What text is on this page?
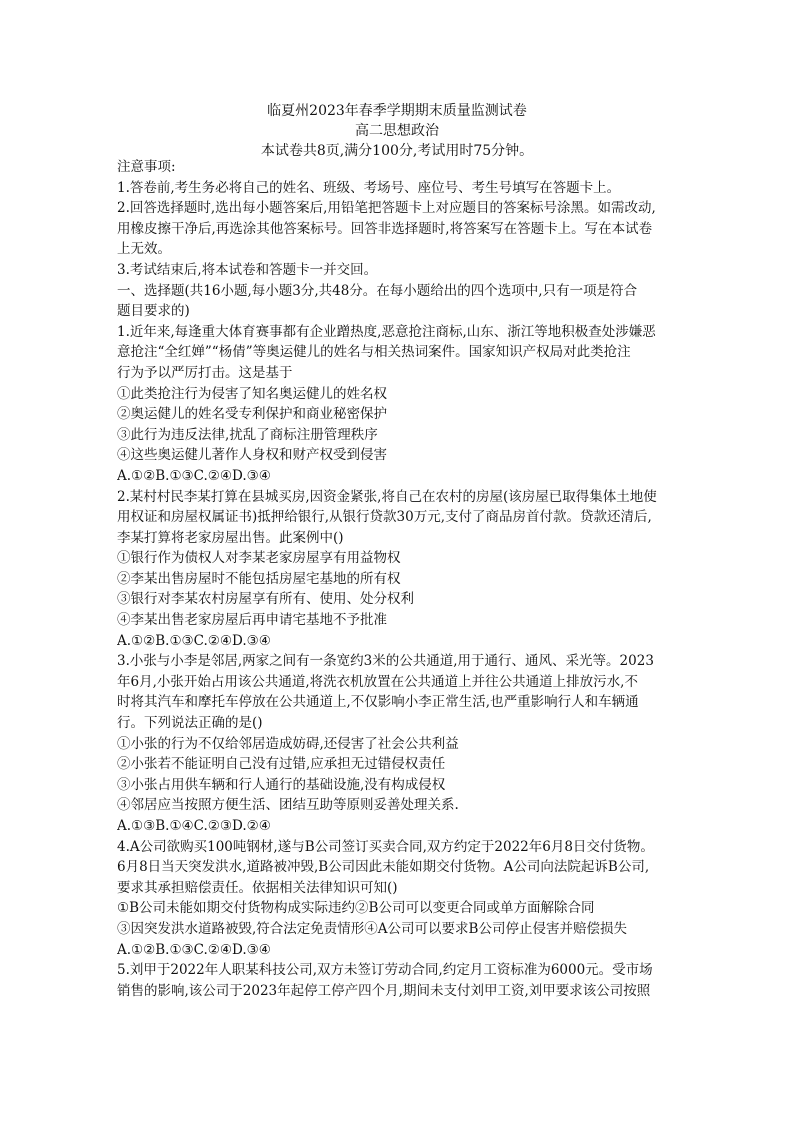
临夏州2023年春季学期期末质量监测试卷
高二思想政治
本试卷共8页,满分100分,考试用时75分钟。

注意事项:

1.答卷前,考生务必将自己的姓名、班级、考场号、座位号、考生号填写在答题卡上。

2.回答选择题时,选出每小题答案后,用铅笔把答题卡上对应题目的答案标号涂黑。如需改动,

用橡皮擦干净后,再选涂其他答案标号。回答非选择题时,将答案写在答题卡上。写在本试卷

上无效。

3.考试结束后,将本试卷和答题卡一并交回。

一、选择题(共16小题,每小题3分,共48分。在每小题给出的四个选项中,只有一项是符合

题目要求的)

1.近年来,每逢重大体育赛事都有企业蹭热度,恶意抢注商标,山东、浙江等地积极查处涉嫌恶

意抢注“全红婵”“杨倩”等奥运健儿的姓名与相关热词案件。国家知识产权局对此类抢注

行为予以严厉打击。这是基于

①此类抢注行为侵害了知名奥运健儿的姓名权

②奥运健儿的姓名受专利保护和商业秘密保护

③此行为违反法律,扰乱了商标注册管理秩序

④这些奥运健儿著作人身权和财产权受到侵害

A.①②B.①③C.②④D.③④

2.某村村民李某打算在县城买房,因资金紧张,将自己在农村的房屋(该房屋已取得集体土地使

用权证和房屋权属证书)抵押给银行,从银行贷款30万元,支付了商品房首付款。贷款还清后,

李某打算将老家房屋出售。此案例中()

①银行作为债权人对李某老家房屋享有用益物权

②李某出售房屋时不能包括房屋宅基地的所有权

③银行对李某农村房屋享有所有、使用、处分权利

④李某出售老家房屋后再申请宅基地不予批准

A.①②B.①③C.②④D.③④

3.小张与小李是邻居,两家之间有一条宽约3米的公共通道,用于通行、通风、采光等。2023

年6月,小张开始占用该公共通道,将洗衣机放置在公共通道上并往公共通道上排放污水,不

时将其汽车和摩托车停放在公共通道上,不仅影响小李正常生活,也严重影响行人和车辆通

行。下列说法正确的是()

①小张的行为不仅给邻居造成妨碍,还侵害了社会公共利益

②小张若不能证明自己没有过错,应承担无过错侵权责任

③小张占用供车辆和行人通行的基础设施,没有构成侵权

④邻居应当按照方便生活、团结互助等原则妥善处理关系.

A.①③B.①④C.②③D.②④

4.A公司欲购买100吨钢材,遂与B公司签订买卖合同,双方约定于2022年6月8日交付货物。

6月8日当天突发洪水,道路被冲毁,B公司因此未能如期交付货物。A公司向法院起诉B公司,

要求其承担赔偿责任。依据相关法律知识可知()

①B公司未能如期交付货物构成实际违约②B公司可以变更合同或单方面解除合同

③因突发洪水道路被毁,符合法定免责情形④A公司可以要求B公司停止侵害并赔偿损失

A.①②B.①③C.②④D.③④

5.刘甲于2022年人职某科技公司,双方未签订劳动合同,约定月工资标准为6000元。受市场

销售的影响,该公司于2023年起停工停产四个月,期间未支付刘甲工资,刘甲要求该公司按照
